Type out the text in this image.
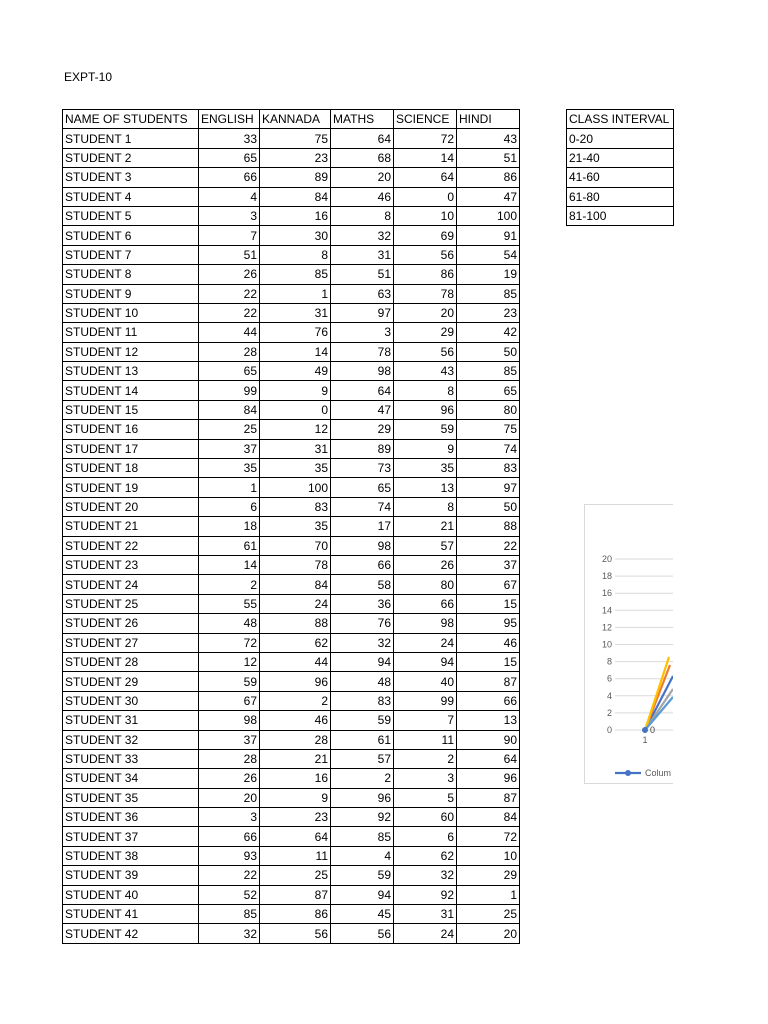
EXPT-10
NAME OF STUDENTS	ENGLISH	KANNADA	MATHS	SCIENCE	HINDI
STUDENT 1	33	75	64	72	43
STUDENT 2	65	23	68	14	51
STUDENT 3	66	89	20	64	86
STUDENT 4	4	84	46	0	47
STUDENT 5	3	16	8	10	100
STUDENT 6	7	30	32	69	91
STUDENT 7	51	8	31	56	54
STUDENT 8	26	85	51	86	19
STUDENT 9	22	1	63	78	85
STUDENT 10	22	31	97	20	23
STUDENT 11	44	76	3	29	42
STUDENT 12	28	14	78	56	50
STUDENT 13	65	49	98	43	85
STUDENT 14	99	9	64	8	65
STUDENT 15	84	0	47	96	80
STUDENT 16	25	12	29	59	75
STUDENT 17	37	31	89	9	74
STUDENT 18	35	35	73	35	83
STUDENT 19	1	100	65	13	97
STUDENT 20	6	83	74	8	50
STUDENT 21	18	35	17	21	88
STUDENT 22	61	70	98	57	22
STUDENT 23	14	78	66	26	37
STUDENT 24	2	84	58	80	67
STUDENT 25	55	24	36	66	15
STUDENT 26	48	88	76	98	95
STUDENT 27	72	62	32	24	46
STUDENT 28	12	44	94	94	15
STUDENT 29	59	96	48	40	87
STUDENT 30	67	2	83	99	66
STUDENT 31	98	46	59	7	13
STUDENT 32	37	28	61	11	90
STUDENT 33	28	21	57	2	64
STUDENT 34	26	16	2	3	96
STUDENT 35	20	9	96	5	87
STUDENT 36	3	23	92	60	84
STUDENT 37	66	64	85	6	72
STUDENT 38	93	11	4	62	10
STUDENT 39	22	25	59	32	29
STUDENT 40	52	87	94	92	1
STUDENT 41	85	86	45	31	25
STUDENT 42	32	56	56	24	20
CLASS INTERVAL
0-20
21-40
41-60
61-80
81-100
20
18
16
14
12
10
8
6
4
2
0	0
1
Colum
